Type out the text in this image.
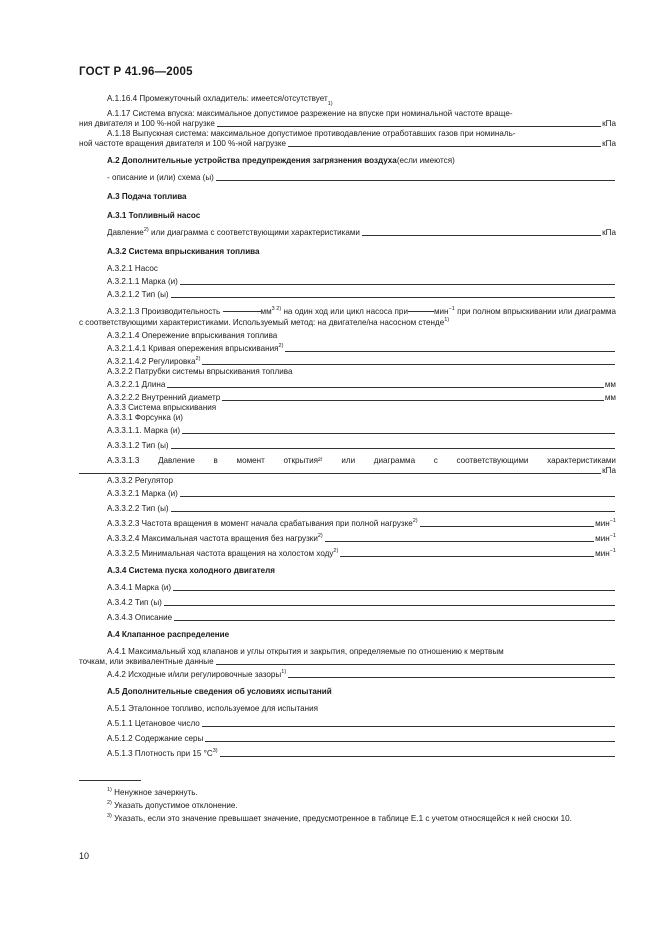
ГОСТ Р 41.96—2005
А.1.16.4 Промежуточный охладитель: имеется/отсутствует
1)
А.1.17 Система впуска: максимальное допустимое разрежение на впуске при номинальной частоте враще-
ния двигателя и 100 %-ной нагрузке	кПа
А.1.18 Выпускная система: максимальное допустимое противодавление отработавших газов при номиналь-
ной частоте вращения двигателя и 100 %-ной нагрузке	кПа
А.2 Дополнительные устройства предупреждения загрязнения воздуха (если имеются)
- описание и (или) схема (ы)
А.3 Подача топлива
А.3.1 Топливный насос
Давление$^{2)}$ или диаграмма с соответствующими характеристиками	кПа
А.3.2 Система впрыскивания топлива
А.3.2.1 Насос
А.3.2.1.1 Марка (и)
А.3.2.1.2 Тип (ы)
А.3.2.1.3 Производительность	$мм^{3 2)}$ на один ход или цикл насоса при	мин$^{-1}$ при полном впрыскивании или диаграмма с соответствующими характеристиками. Используемый метод: на двигателе/на насосном стенде$^{1)}$
А.3.2.1.4 Опережение впрыскивания топлива
А.3.2.1.4.1 Кривая опережения впрыскивания$^{2)}$
А.3.2.1.4.2 Регулировка$^{2)}$
А.3.2.2 Патрубки системы впрыскивания топлива
А.3.2.2.1 Длина	мм
А.3.2.2.2 Внутренний диаметр	мм
А.3.3 Система впрыскивания
А.3.3.1 Форсунка (и)
А.3.3.1.1. Марка (и)
А.3.3.1.2 Тип (ы)
А.3.3.1.3 Давление в момент открытия²⁾ или диаграмма с соответствующими характеристиками
кПа
А.3.3.2 Регулятор
А.3.3.2.1 Марка (и)
А.3.3.2.2 Тип (ы)
А.3.3.2.3 Частота вращения в момент начала срабатывания при полной нагрузке$^{2)}$	мин$^{-1}$
А.3.3.2.4 Максимальная частота вращения без нагрузки$^{2)}$	мин$^{-1}$
А.3.3.2.5 Минимальная частота вращения на холостом ходу$^{2)}$	мин$^{-1}$
А.3.4 Система пуска холодного двигателя
А.3.4.1 Марка (и)
А.3.4.2 Тип (ы)
А.3.4.3 Описание
А.4 Клапанное распределение
А.4.1 Максимальный ход клапанов и углы открытия и закрытия, определяемые по отношению к мертвым
точкам, или эквивалентные данные
А.4.2 Исходные и/или регулировочные зазоры$^{1)}$
А.5 Дополнительные сведения об условиях испытаний
А.5.1 Эталонное топливо, используемое для испытания
А.5.1.1 Цетановое число
А.5.1.2 Содержание серы
А.5.1.3 Плотность при 15 $^\circ С^{3)}$
$^{1)}$ Ненужное зачеркнуть.
$^{2)}$ Указать допустимое отклонение.
$^{3)}$ Указать, если это значение превышает значение, предусмотренное в таблице Е.1 с учетом относящейся к ней сноски 10.
10
